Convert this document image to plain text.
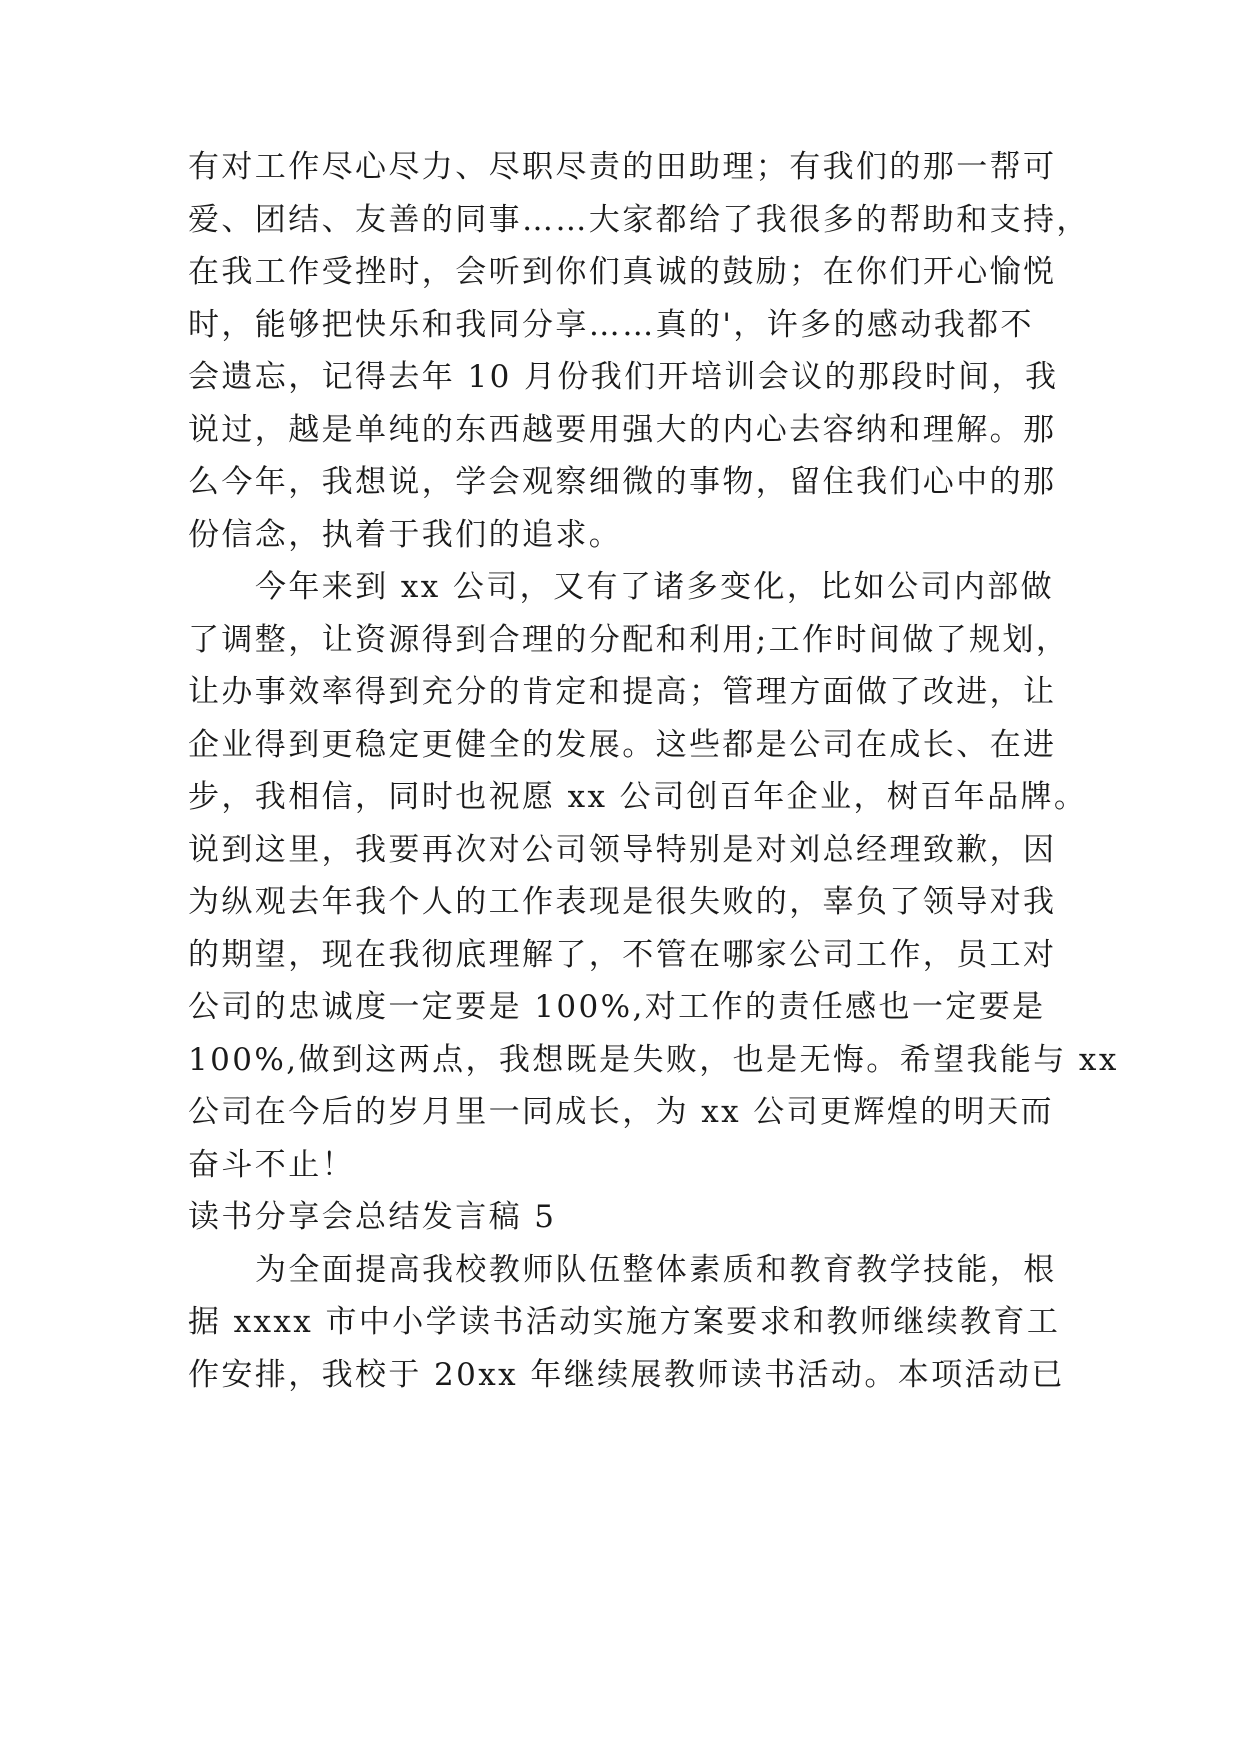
有对工作尽心尽力、尽职尽责的田助理；有我们的那一帮可
爱、团结、友善的同事……大家都给了我很多的帮助和支持，
在我工作受挫时，会听到你们真诚的鼓励；在你们开心愉悦
时，能够把快乐和我同分享……真的'，许多的感动我都不
会遗忘，记得去年 10 月份我们开培训会议的那段时间，我
说过，越是单纯的东西越要用强大的内心去容纳和理解。那
么今年，我想说，学会观察细微的事物，留住我们心中的那
份信念，执着于我们的追求。
今年来到 xx 公司，又有了诸多变化，比如公司内部做
了调整，让资源得到合理的分配和利用;工作时间做了规划，
让办事效率得到充分的肯定和提高；管理方面做了改进，让
企业得到更稳定更健全的发展。这些都是公司在成长、在进
步，我相信，同时也祝愿 xx 公司创百年企业，树百年品牌。
说到这里，我要再次对公司领导特别是对刘总经理致歉，因
为纵观去年我个人的工作表现是很失败的，辜负了领导对我
的期望，现在我彻底理解了，不管在哪家公司工作，员工对
公司的忠诚度一定要是 100%,对工作的责任感也一定要是
100%,做到这两点，我想既是失败，也是无悔。希望我能与 xx
公司在今后的岁月里一同成长，为 xx 公司更辉煌的明天而
奋斗不止！
读书分享会总结发言稿 5
为全面提高我校教师队伍整体素质和教育教学技能，根
据 xxxx 市中小学读书活动实施方案要求和教师继续教育工
作安排，我校于 20xx 年继续展教师读书活动。本项活动已
